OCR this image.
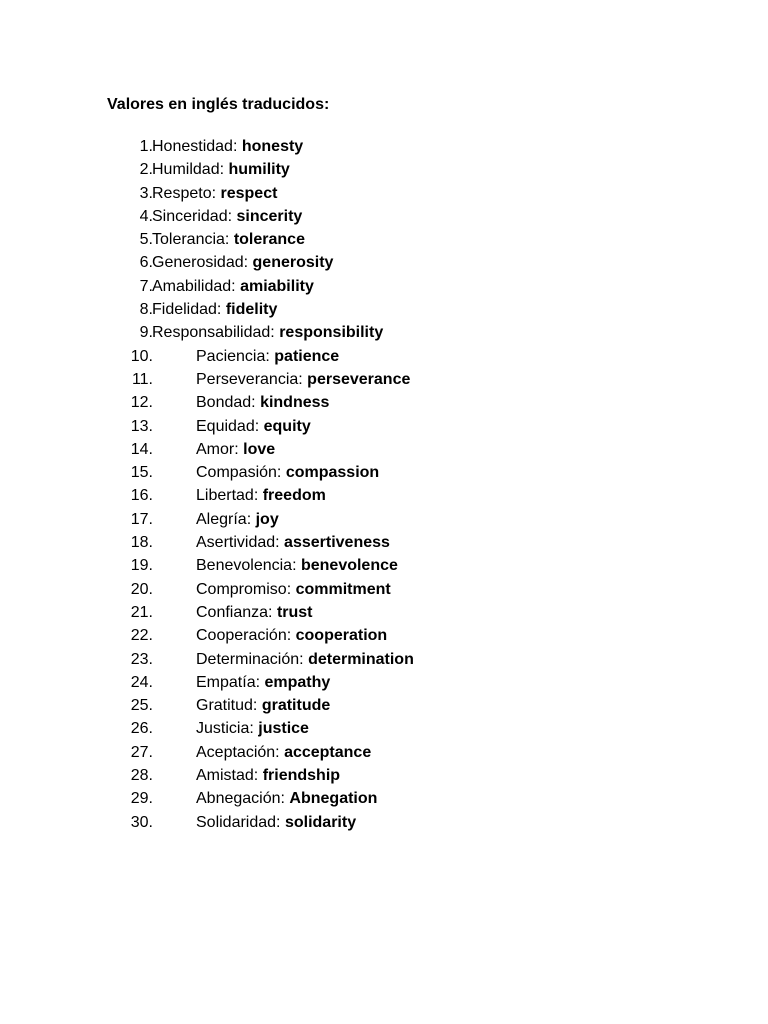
Valores en inglés traducidos:
1. Honestidad: honesty
2. Humildad: humility
3. Respeto: respect
4. Sinceridad: sincerity
5. Tolerancia: tolerance
6. Generosidad: generosity
7. Amabilidad: amiability
8. Fidelidad: fidelity
9. Responsabilidad: responsibility
10.	Paciencia: patience
11.	Perseverancia: perseverance
12.	Bondad: kindness
13.	Equidad: equity
14.	Amor: love
15.	Compasión: compassion
16.	Libertad: freedom
17.	Alegría: joy
18.	Asertividad: assertiveness
19.	Benevolencia: benevolence
20.	Compromiso: commitment
21.	Confianza: trust
22.	Cooperación: cooperation
23.	Determinación: determination
24.	Empatía: empathy
25.	Gratitud: gratitude
26.	Justicia: justice
27.	Aceptación: acceptance
28.	Amistad: friendship
29.	Abnegación: Abnegation
30.	Solidaridad: solidarity
